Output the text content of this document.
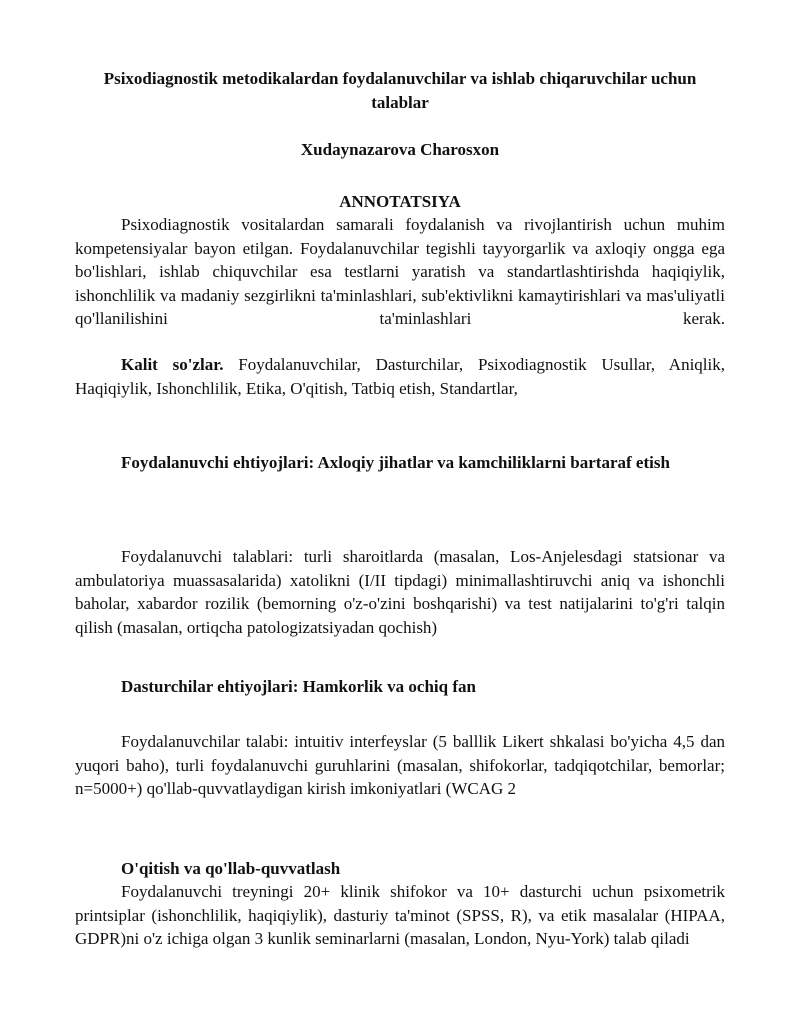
Psixodiagnostik metodikalardan foydalanuvchilar va ishlab chiqaruvchilar uchun talablar

Xudaynazarova Charosxon

ANNOTATSIYA

Psixodiagnostik vositalardan samarali foydalanish va rivojlantirish uchun muhim kompetensiyalar bayon etilgan. Foydalanuvchilar tegishli tayyorgarlik va axloqiy ongga ega bo'lishlari, ishlab chiquvchilar esa testlarni yaratish va standartlashtirishda haqiqiylik, ishonchlilik va madaniy sezgirlikni ta'minlashlari, sub'ektivlikni kamaytirishlari va mas'uliyatli qo'llanilishini ta'minlashlari kerak.

Kalit so'zlar. Foydalanuvchilar, Dasturchilar, Psixodiagnostik Usullar, Aniqlik, Haqiqiylik, Ishonchlilik, Etika, O'qitish, Tatbiq etish, Standartlar,

Foydalanuvchi ehtiyojlari: Axloqiy jihatlar va kamchiliklarni bartaraf etish

Foydalanuvchi talablari: turli sharoitlarda (masalan, Los-Anjelesdagi statsionar va ambulatoriya muassasalarida) xatolikni (I/II tipdagi) minimallashtiruvchi aniq va ishonchli baholar, xabardor rozilik (bemorning o'z-o'zini boshqarishi) va test natijalarini to'g'ri talqin qilish (masalan, ortiqcha patologizatsiyadan qochish)

Dasturchilar ehtiyojlari: Hamkorlik va ochiq fan

Foydalanuvchilar talabi: intuitiv interfeyslar (5 balllik Likert shkalasi bo'yicha 4,5 dan yuqori baho), turli foydalanuvchi guruhlarini (masalan, shifokorlar, tadqiqotchilar, bemorlar; n=5000+) qo'llab-quvvatlaydigan kirish imkoniyatlari (WCAG 2

O'qitish va qo'llab-quvvatlash

Foydalanuvchi treyningi 20+ klinik shifokor va 10+ dasturchi uchun psixometrik printsiplar (ishonchlilik, haqiqiylik), dasturiy ta'minot (SPSS, R), va etik masalalar (HIPAA, GDPR)ni o'z ichiga olgan 3 kunlik seminarlarni (masalan, London, Nyu-York) talab qiladi
